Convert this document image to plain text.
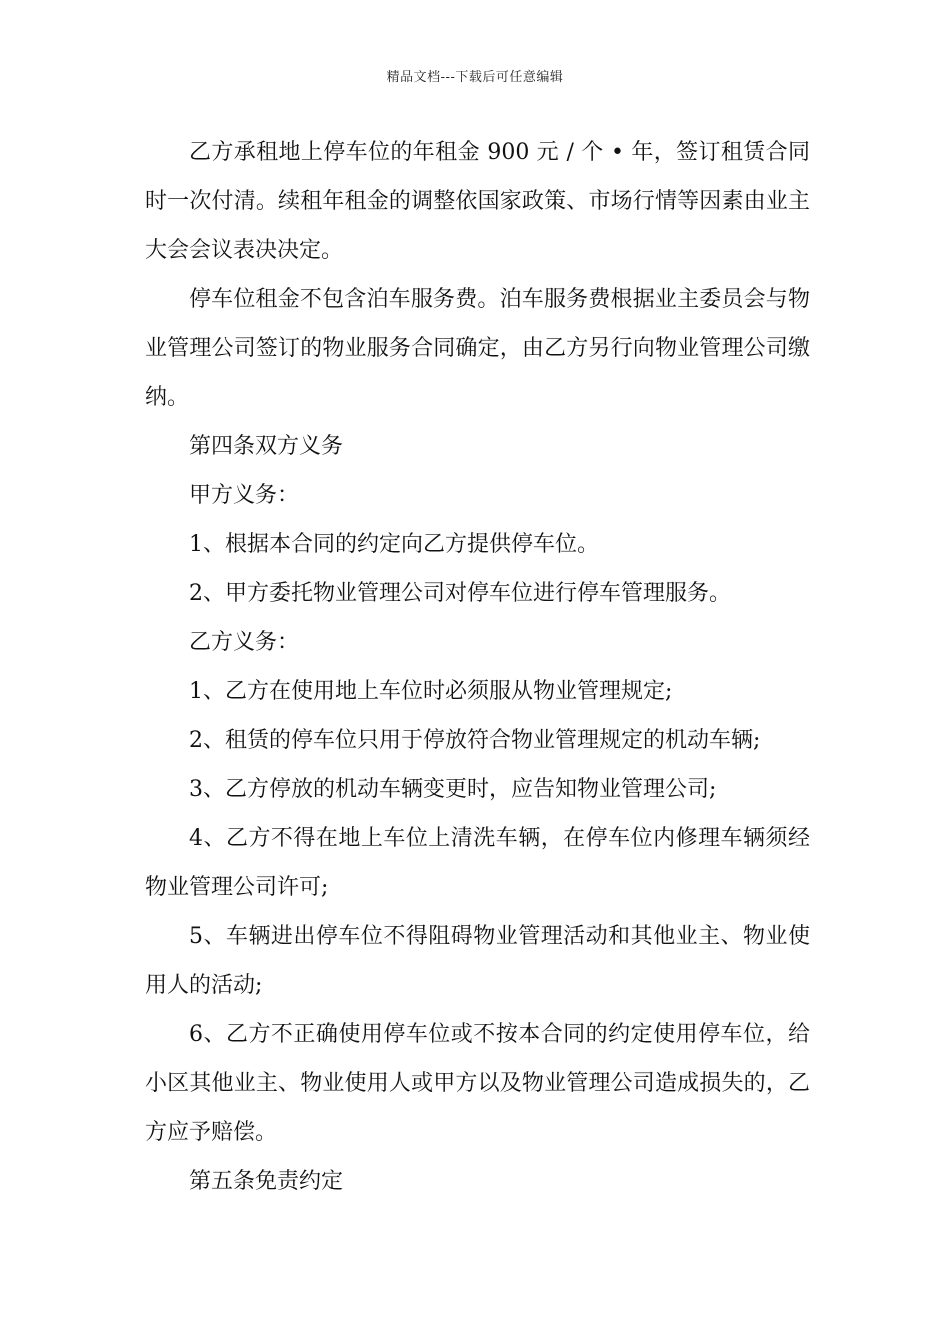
精品文档---下载后可任意编辑

乙方承租地上停车位的年租金 900 元 / 个 • 年，签订租赁合同时一次付清。续租年租金的调整依国家政策、市场行情等因素由业主大会会议表决决定。

停车位租金不包含泊车服务费。泊车服务费根据业主委员会与物业管理公司签订的物业服务合同确定，由乙方另行向物业管理公司缴纳。

第四条双方义务

甲方义务：

1、根据本合同的约定向乙方提供停车位。

2、甲方委托物业管理公司对停车位进行停车管理服务。

乙方义务：

1、乙方在使用地上车位时必须服从物业管理规定;

2、租赁的停车位只用于停放符合物业管理规定的机动车辆;

3、乙方停放的机动车辆变更时，应告知物业管理公司;

4、乙方不得在地上车位上清洗车辆，在停车位内修理车辆须经物业管理公司许可;

5、车辆进出停车位不得阻碍物业管理活动和其他业主、物业使用人的活动;

6、乙方不正确使用停车位或不按本合同的约定使用停车位，给小区其他业主、物业使用人或甲方以及物业管理公司造成损失的，乙方应予赔偿。

第五条免责约定
